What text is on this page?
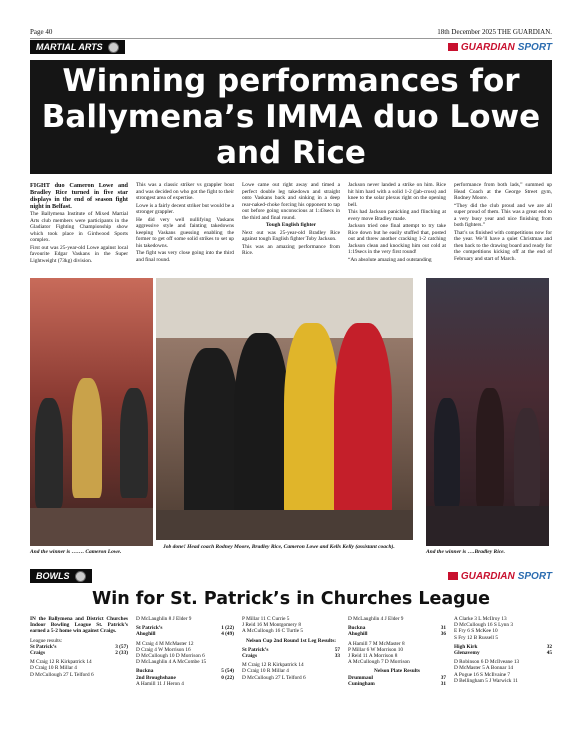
Page 40	18th December 2025 THE GUARDIAN.
MARTIAL ARTS	GUARDIAN SPORT
Winning performances for Ballymena’s IMMA duo Lowe and Rice

FIGHT duo Cameron Lowe and Bradley Rice turned in five star displays in the end of season fight night in Belfast.

The Ballymena Institute of Mixed Martial Arts club members were participants in the Gladiator Fighting Championship show which took place in Girdwood Sports complex.

First out was 25-year-old Lowe against local favourite Edgar Vaskans in the Super Lightweight (73kg) division.

This was a classic striker vs grappler bout and was decided on who got the fight to their strongest area of expertise.

Lowe is a fairly decent striker but would be a stronger grappler.

He did very well nullifying Vaskans aggressive style and fainting takedowns keeping Vaskans guessing enabling the former to get off some solid strikes to set up his takedowns.

The fight was very close going into the third and final round.

Lowe came out right away and timed a perfect double leg takedown and straight onto Vaskans back and sinking in a deep rear-naked-choke forcing his opponent to tap out before going unconscious at 1:43secs in the third and final round.

Tough English fighter

Next out was 25-year-old Bradley Rice against tough English fighter Toby Jackson.

This was an amazing performance from Rice.

Jackson never landed a strike on him. Rice hit him hard with a solid 1-2 (jab-cross) and knee to the solar plexus right on the opening bell.

This had Jackson panicking and flinching at every move Bradley made.

Jackson tried one final attempt to try take Rice down but he easily stuffed that, posted out and threw another cracking 1-2 catching Jackson clean and knocking him out cold at 1:19secs in the very first round!

“An absolute amazing and outstanding

performance from both lads,” summed up Head Coach at the George Street gym, Rodney Moore.

“They did the club proud and we are all super proud of them. This was a great end to a very busy year and nice finishing from both fighters.”

That’s us finished with competitions now for the year. We’ll have a quiet Christmas and then back to the drawing board and ready for the competitions kicking off at the end of February and start of March.

And the winner is ……. Cameron Lowe.
Job done! Head coach Rodney Moore, Bradley Rice, Cameron Lowe and Kells Kelly (assistant coach).
And the winner is ….Bradley Rice.
BOWLS	GUARDIAN SPORT
Win for St. Patrick’s in Churches League

IN the Ballymena and District Churches Indoor Bowling League St. Patrick’s earned a 5-2 home win against Craigs.

League results:

St Patrick’s	3 (57)
Craigs	2 (33)

M Craig 12 R Kirkpatrick 14

D Craig 10 R Millar 4

D McCullough 27 L Telford 6

D McLaughlin 8 J Elder 9

St Patrick’s	1 (22)
Ahoghill	4 (49)

M Craig 4 M McMaster 12

D Craig 4 W Morrison 16

D McCullough 10 D Morrison 6

D McLaughlin 4 A McCombe 15

Buckna	5 (54)
2nd Broughshane	0 (22)

A Hamill 11 J Heron 4

P Millar 11 C Currie 5

J Reid 16 M Montgomery 8

A McCullough 16 C Turtle 5

Nelson Cup 2nd Round 1st Leg Results:

St Patrick’s	57
Craigs	33

M Craig 12 R Kirkpatrick 14

D Craig 10 R Millar 4

D McCullough 27 L Telford 6

D McLaughlin 4 J Elder 9

Buckna	31
Ahoghill	36

A Hamill 7 M McMaster 8

P Millar 6 W Morrison 10

J Reid 11 A Morrison 8

A McCullough 7 D Morrison

Nelson Plate Results

Drummaul	37
Cuningham	31

A Clarke 3 L McIlroy 13

D McCullough 16 S Lynn 3

E Fry 6 S McKee 10

S Fry 12 B Russell 5

High Kirk	32
Glenavemy	45

D Robinson 6 D McIlveane 13

D McMaster 5 A Bonnar 14

A Pogue 16 S McIlvaine 7

D Bellingham 5 J Warwick 11
